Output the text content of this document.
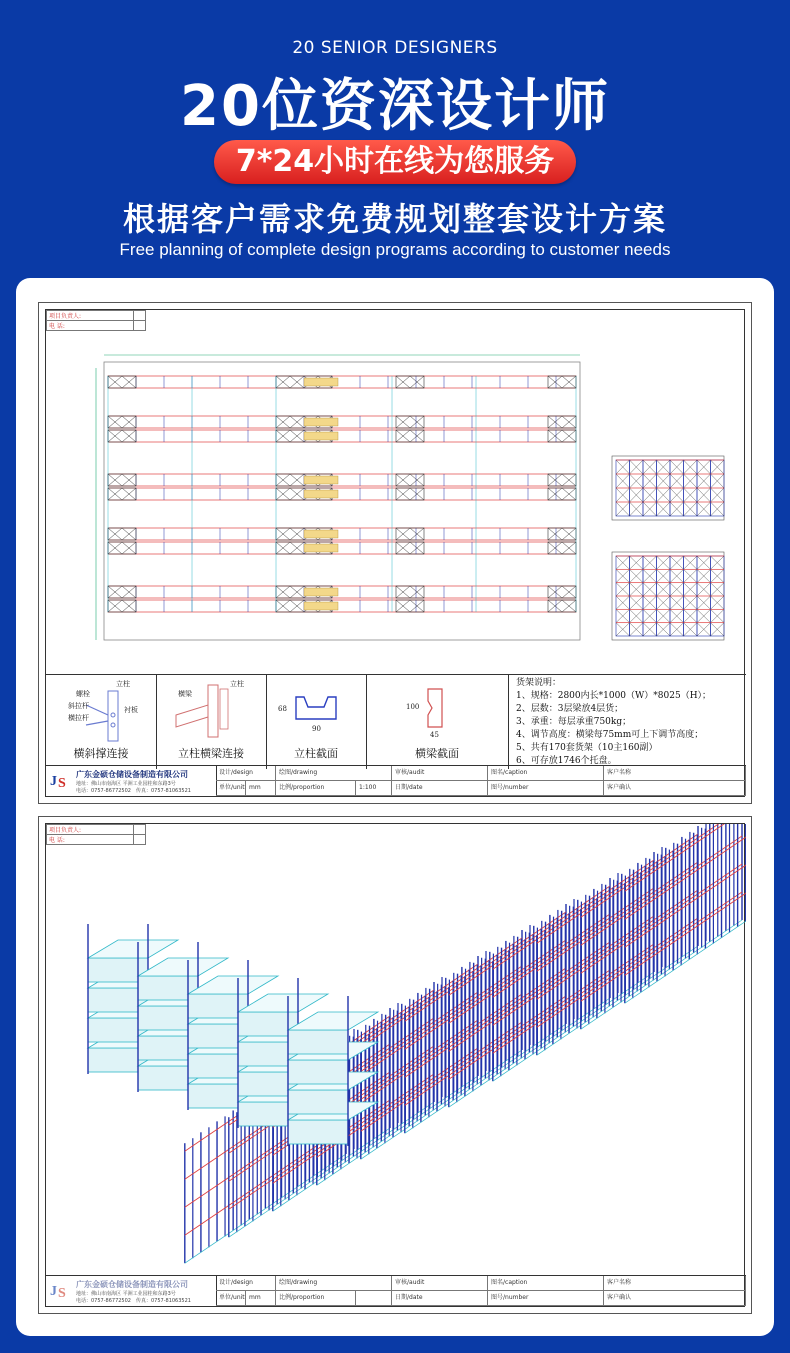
20 SENIOR DESIGNERS
20位资深设计师
7*24小时在线为您服务
根据客户需求免费规划整套设计方案
Free planning of complete design programs according to customer needs
项目负责人:	
电 话:	
立柱
螺栓
斜拉杆
横拉杆
衬板
横斜撑连接
立柱
横梁
立柱横梁连接
68
90
立柱截面
100
45
横梁截面
货架说明：
1、规格：2800内长*1000（W）*8025（H）；
2、层数：3层梁放4层货；
3、承重：每层承重750kg；
4、调节高度：横梁每75mm可上下调节高度；
5、共有170套货架（10主160副）
6、可存放1746个托盘。
J S
广东金硕仓储设备制造有限公司
地址：佛山市南海区 平洲工业园桂和东路3号
电话：0757-86772502　传真：0757-81063521
设计/design	绘图/drawing	审核/audit	图名/caption	客户名称
单位/unit mm	比例/proportion	1:100	日期/date	图号/number	客户确认
项目负责人:	
电 话:	
J S
广东金硕仓储设备制造有限公司
地址：佛山市南海区 平洲工业园桂和东路3号
电话：0757-86772502　传真：0757-81063521
设计/design	绘图/drawing	审核/audit	图名/caption	客户名称
单位/unit mm	比例/proportion	日期/date	图号/number	客户确认
